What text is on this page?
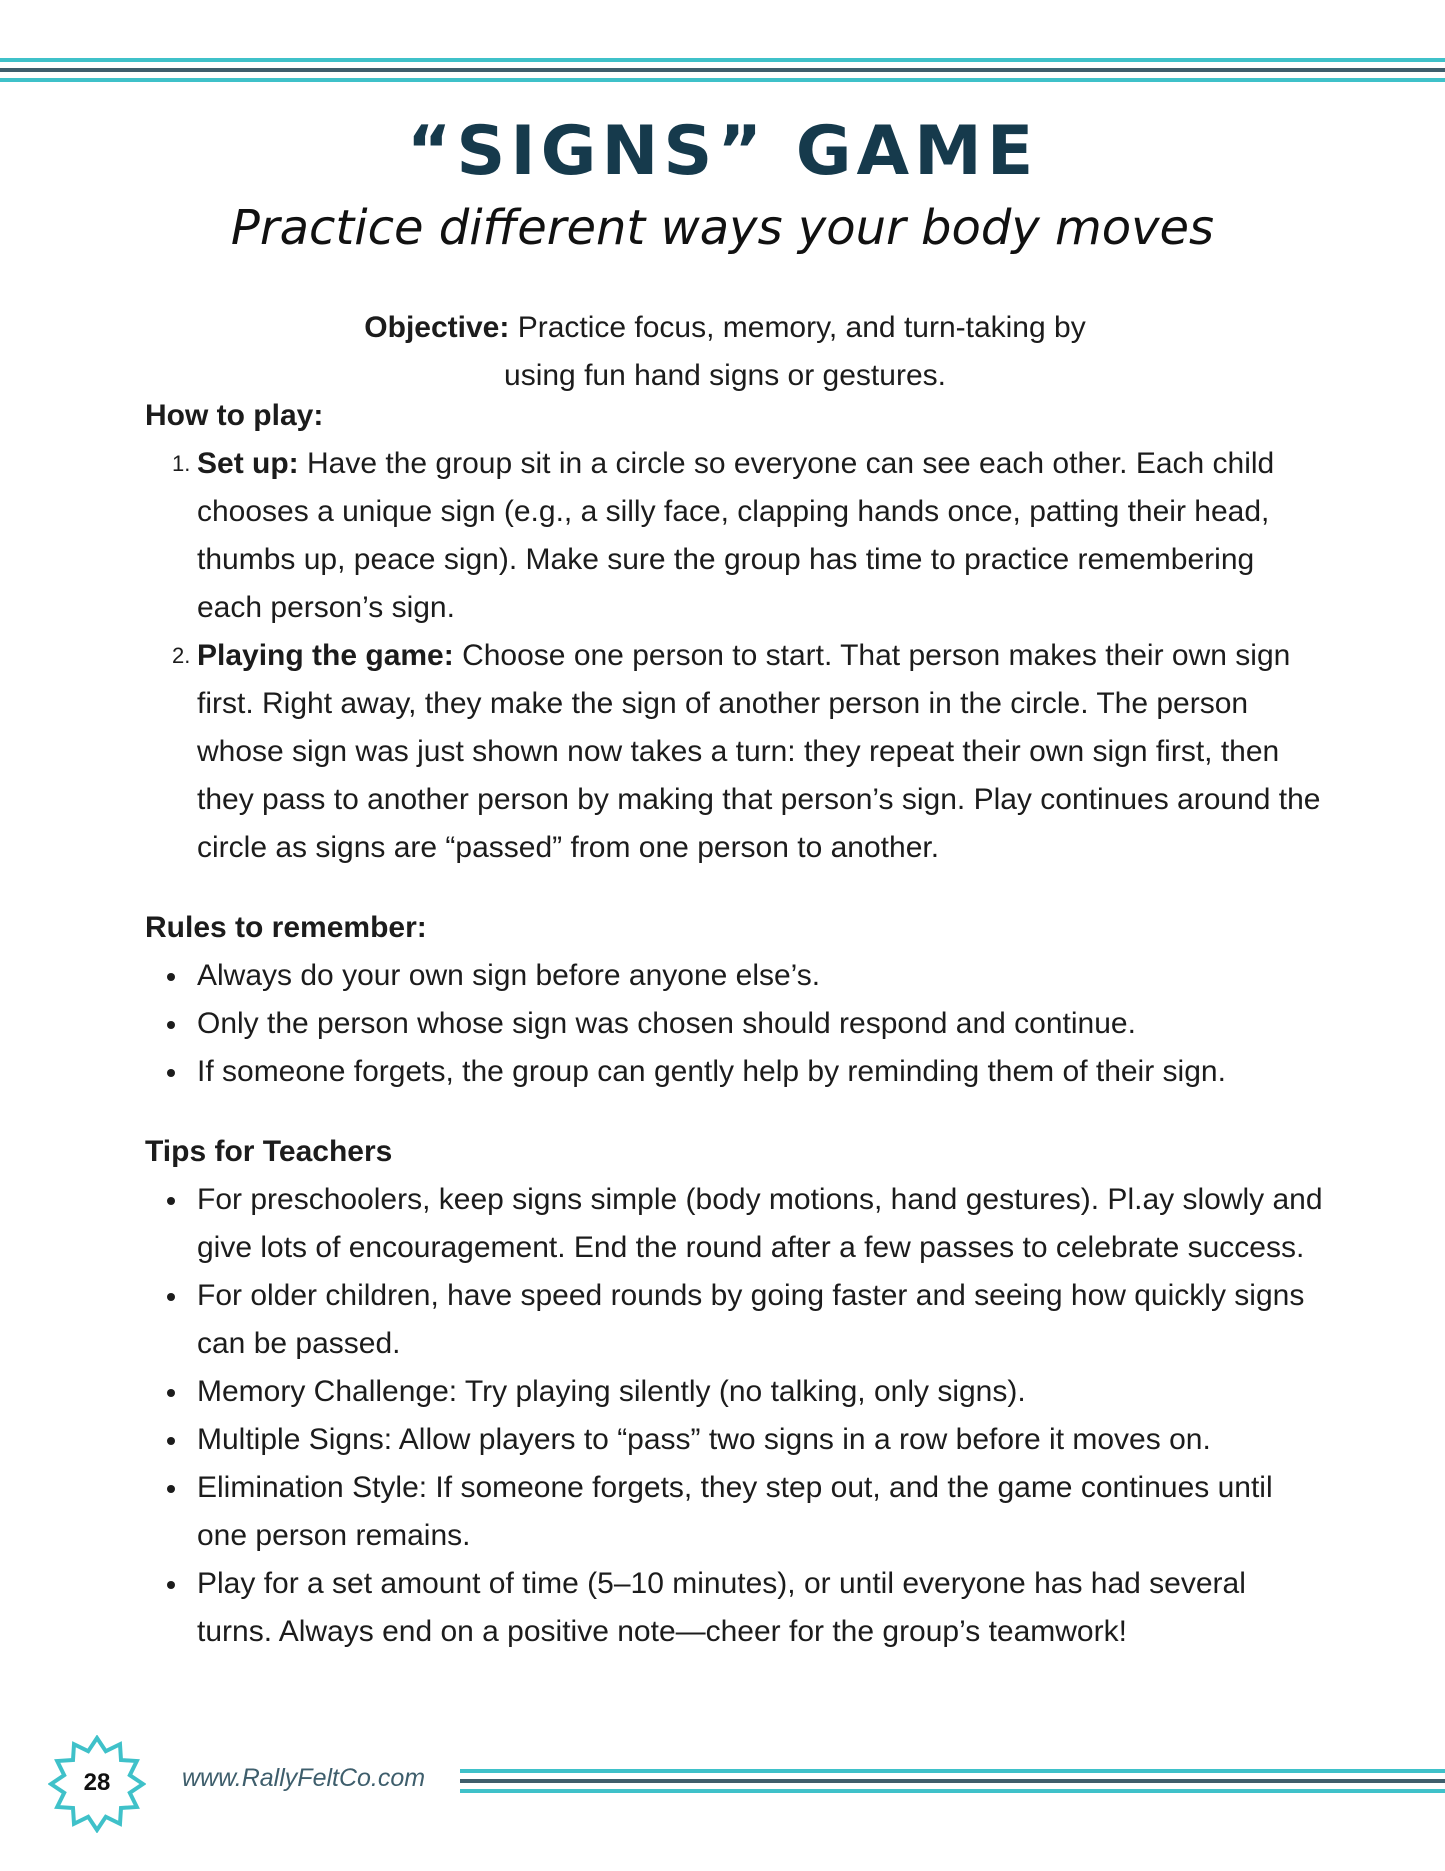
“SIGNS” GAME

Practice different ways your body moves

Objective: Practice focus, memory, and turn-taking by using fun hand signs or gestures.

How to play:
1. Set up: Have the group sit in a circle so everyone can see each other. Each child chooses a unique sign (e.g., a silly face, clapping hands once, patting their head, thumbs up, peace sign). Make sure the group has time to practice remembering each person’s sign.
2. Playing the game: Choose one person to start. That person makes their own sign first. Right away, they make the sign of another person in the circle. The person whose sign was just shown now takes a turn: they repeat their own sign first, then they pass to another person by making that person’s sign. Play continues around the circle as signs are “passed” from one person to another.
Rules to remember:
Always do your own sign before anyone else’s.
Only the person whose sign was chosen should respond and continue.
If someone forgets, the group can gently help by reminding them of their sign.
Tips for Teachers
For preschoolers, keep signs simple (body motions, hand gestures). Pl.ay slowly and give lots of encouragement. End the round after a few passes to celebrate success.
For older children, have speed rounds by going faster and seeing how quickly signs can be passed.
Memory Challenge: Try playing silently (no talking, only signs).
Multiple Signs: Allow players to “pass” two signs in a row before it moves on.
Elimination Style: If someone forgets, they step out, and the game continues until one person remains.
Play for a set amount of time (5–10 minutes), or until everyone has had several turns. Always end on a positive note—cheer for the group’s teamwork!
28	www.RallyFeltCo.com
